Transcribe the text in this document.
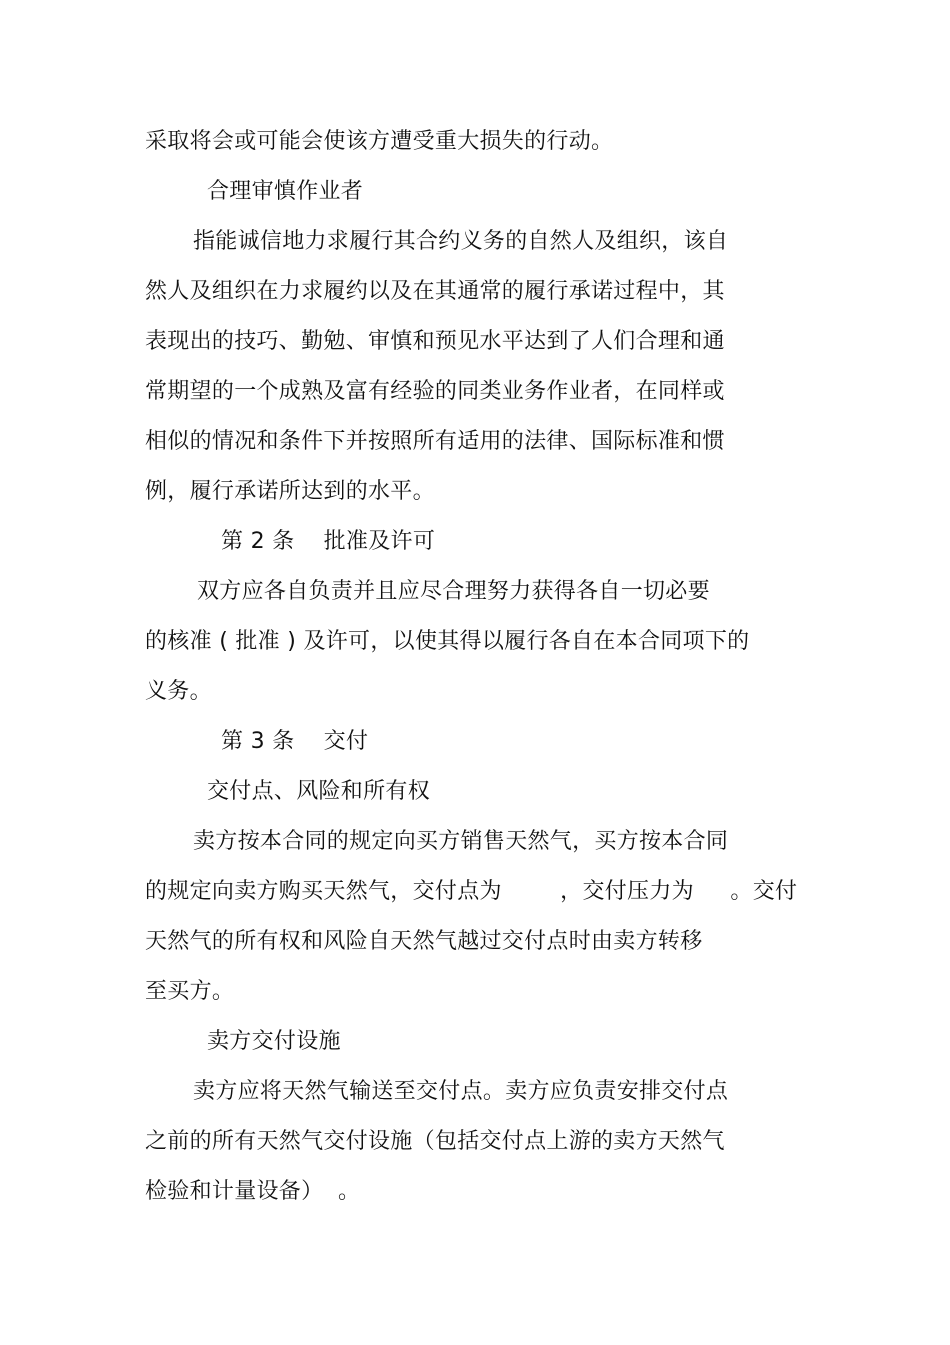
采取将会或可能会使该方遭受重大损失的行动。
合理审慎作业者
指能诚信地力求履行其合约义务的自然人及组织，该自
然人及组织在力求履约以及在其通常的履行承诺过程中，其
表现出的技巧、勤勉、审慎和预见水平达到了人们合理和通
常期望的一个成熟及富有经验的同类业务作业者，在同样或
相似的情况和条件下并按照所有适用的法律、国际标准和惯
例，履行承诺所达到的水平。
第 2 条    批准及许可
双方应各自负责并且应尽合理努力获得各自一切必要
的核准 ( 批准 ) 及许可，以使其得以履行各自在本合同项下的
义务。
第 3 条    交付
交付点、风险和所有权
卖方按本合同的规定向买方销售天然气，买方按本合同
的规定向卖方购买天然气，交付点为        ，交付压力为     。交付
天然气的所有权和风险自天然气越过交付点时由卖方转移
至买方。
卖方交付设施
卖方应将天然气输送至交付点。卖方应负责安排交付点
之前的所有天然气交付设施（包括交付点上游的卖方天然气
检验和计量设备）  。
